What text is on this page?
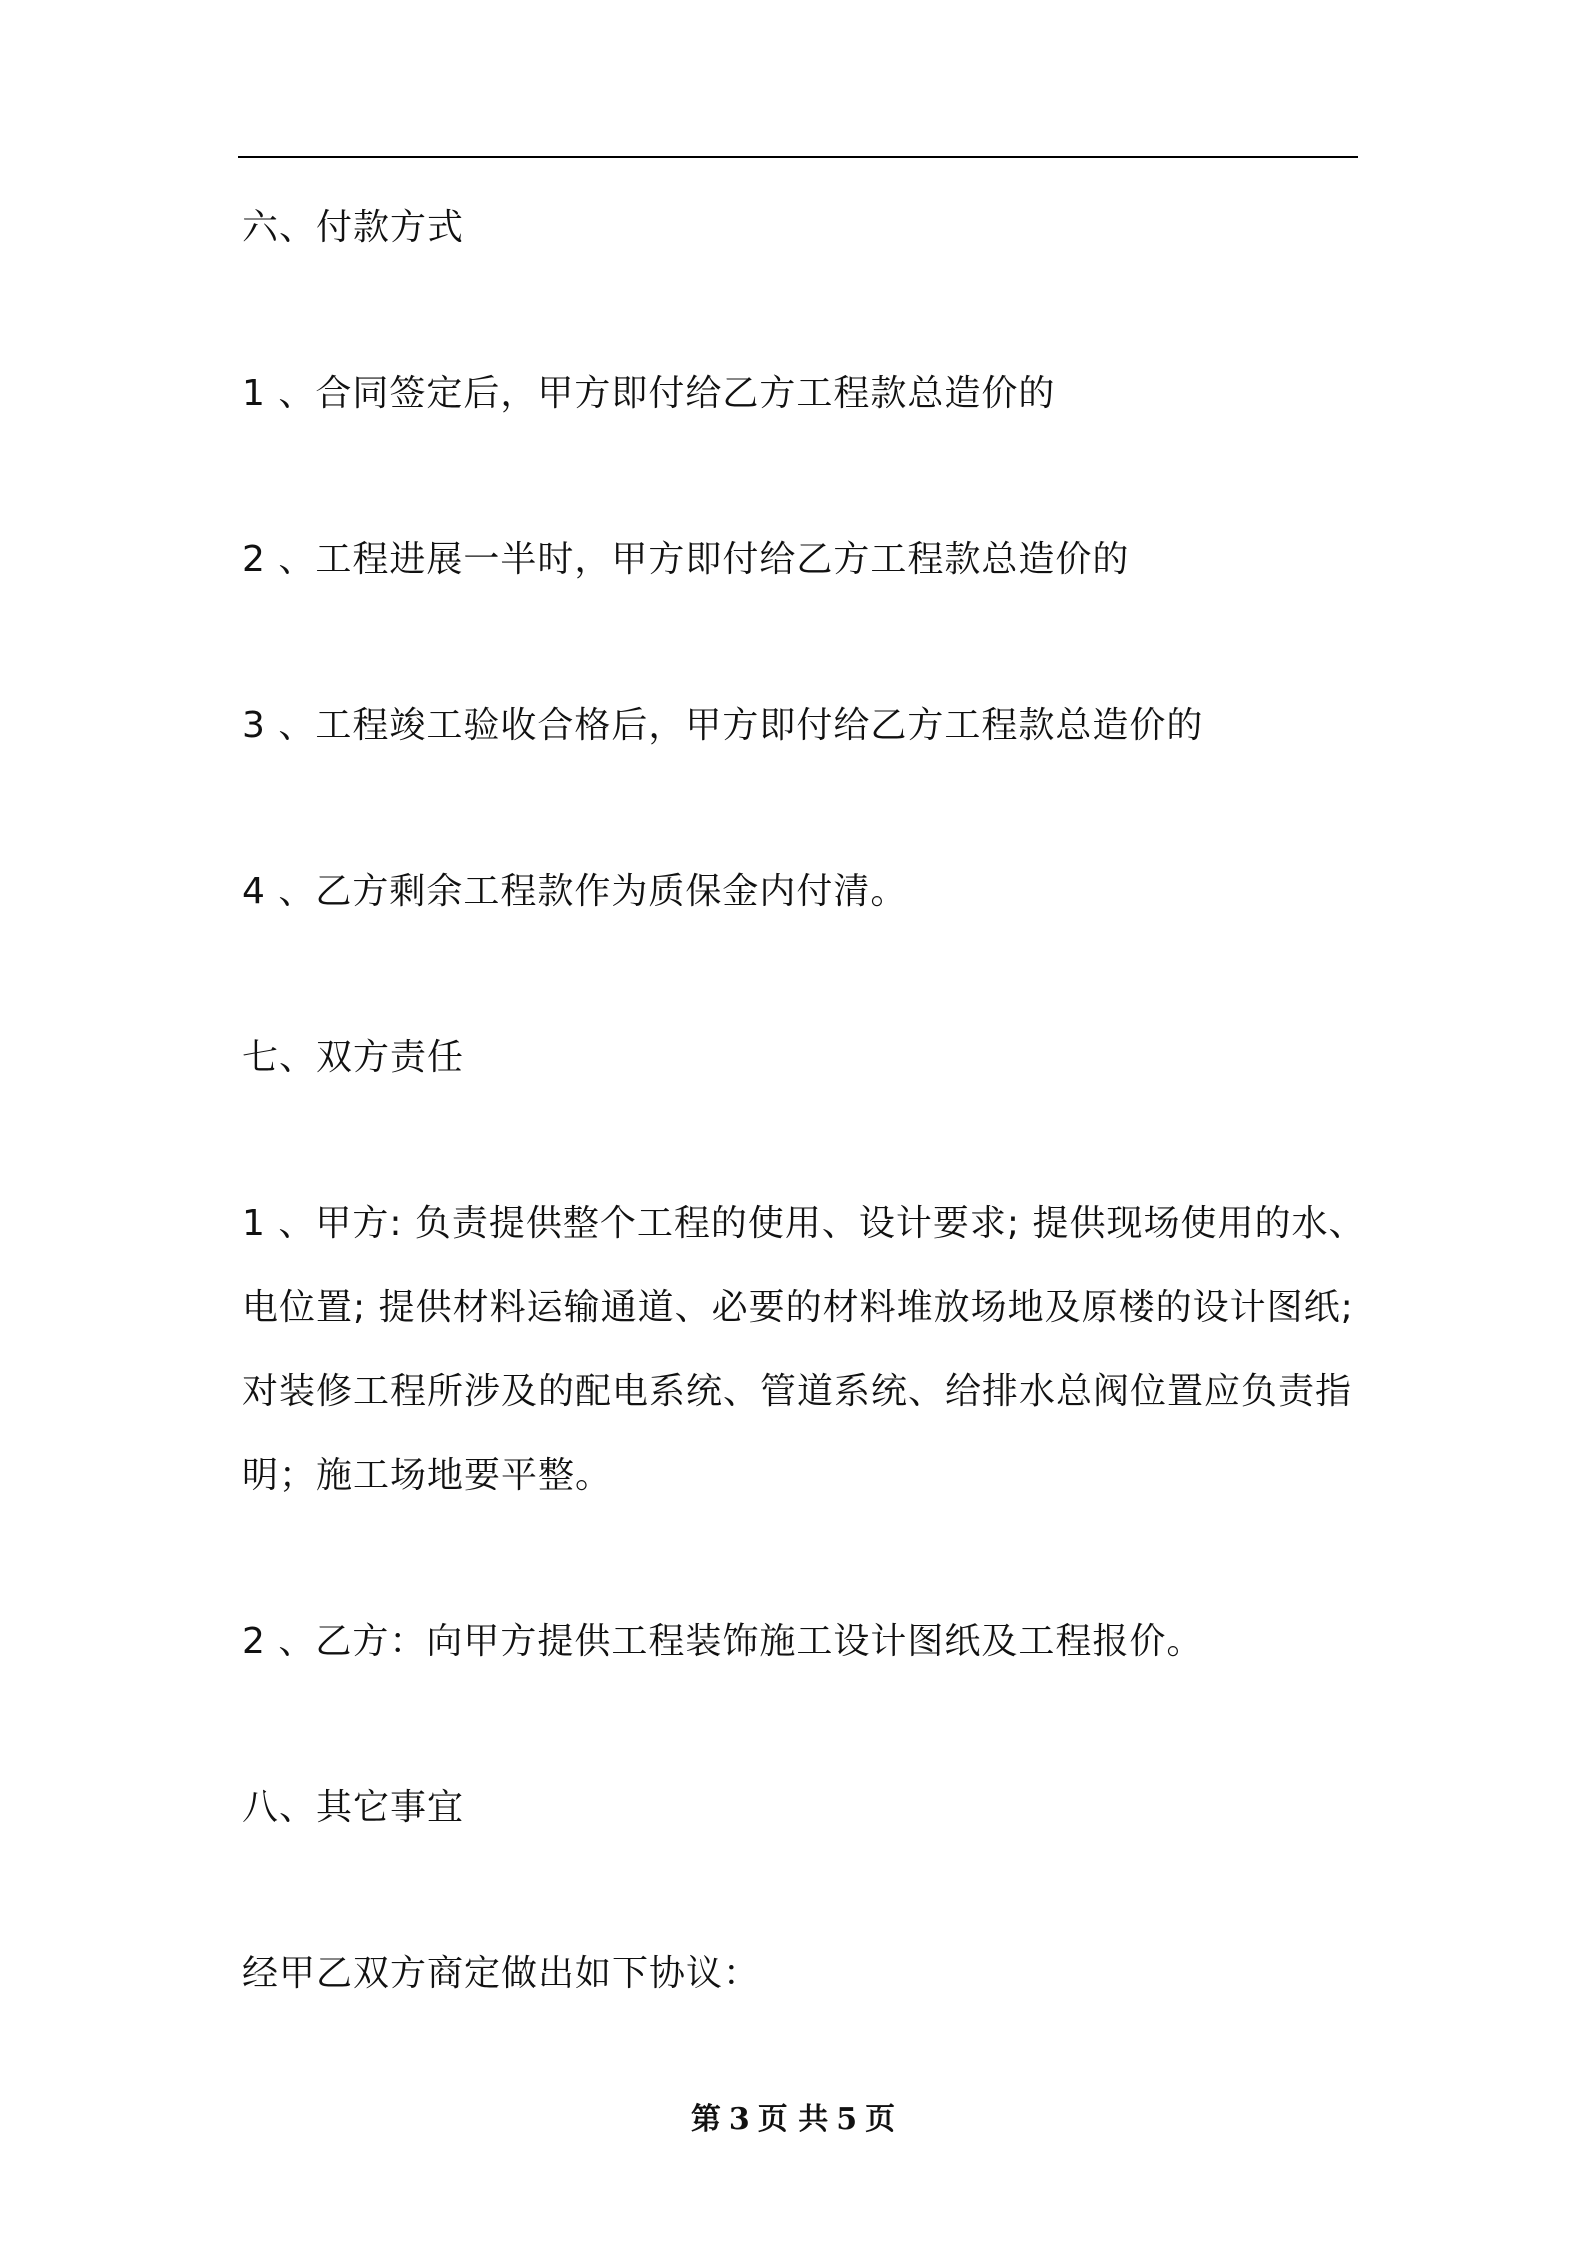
六、付款方式
1 、合同签定后，甲方即付给乙方工程款总造价的
2 、工程进展一半时，甲方即付给乙方工程款总造价的
3 、工程竣工验收合格后，甲方即付给乙方工程款总造价的
4 、乙方剩余工程款作为质保金内付清。
七、双方责任
1 、甲方: 负责提供整个工程的使用、设计要求; 提供现场使用的水、
电位置; 提供材料运输通道、必要的材料堆放场地及原楼的设计图纸;
对装修工程所涉及的配电系统、管道系统、给排水总阀位置应负责指
明；施工场地要平整。
2 、乙方：向甲方提供工程装饰施工设计图纸及工程报价。
八、其它事宜
经甲乙双方商定做出如下协议：
第 3 页 共 5 页
